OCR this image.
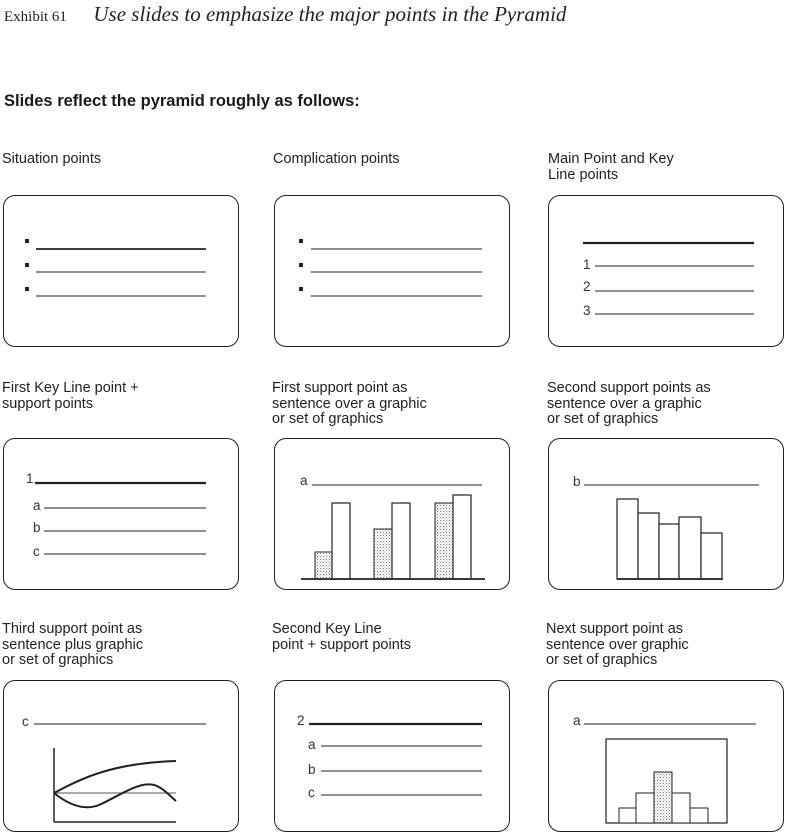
Exhibit 61 Use slides to emphasize the major points in the Pyramid
Slides reflect the pyramid roughly as follows:

Situation points	Complication points	Main Point and Key
Line points

1
2
3

First Key Line point +
support points

1
a
b
c

First support point as
sentence over a graphic
or set of graphics

a

Second support points as
sentence over a graphic
or set of graphics

b

Third support point as
sentence plus graphic
or set of graphics

c

Second Key Line
point + support points

2
a
b
c

Next support point as
sentence over graphic
or set of graphics

a
